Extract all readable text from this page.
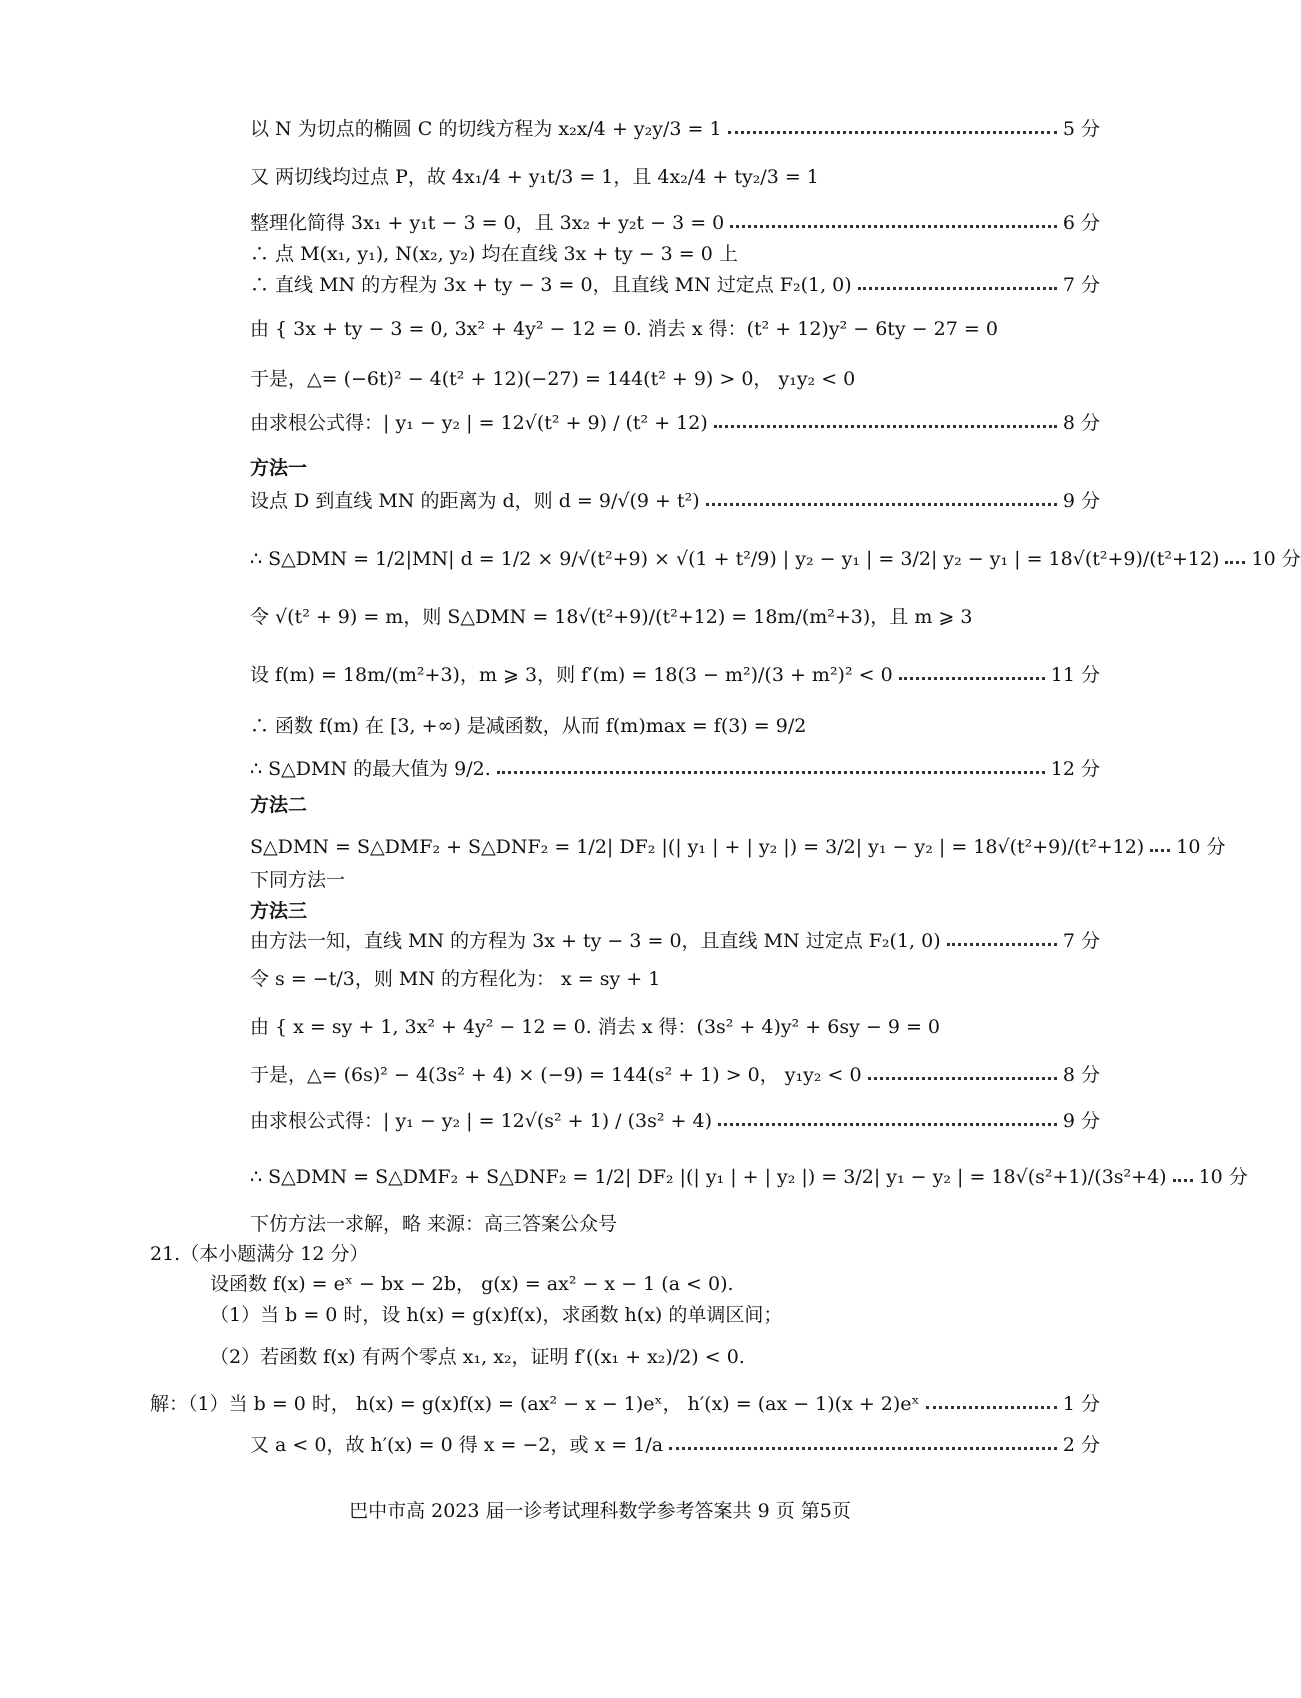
以 N 为切点的椭圆 C 的切线方程为 x₂x/4 + y₂y/3 = 1	5 分
又 两切线均过点 P，故 4x₁/4 + y₁t/3 = 1，且 4x₂/4 + ty₂/3 = 1
整理化简得 3x₁ + y₁t − 3 = 0，且 3x₂ + y₂t − 3 = 0	6 分
∴ 点 M(x₁, y₁), N(x₂, y₂) 均在直线 3x + ty − 3 = 0 上
∴ 直线 MN 的方程为 3x + ty − 3 = 0，且直线 MN 过定点 F₂(1, 0)	7 分
由 { 3x + ty − 3 = 0, 3x² + 4y² − 12 = 0. 消去 x 得：(t² + 12)y² − 6ty − 27 = 0
于是，△= (−6t)² − 4(t² + 12)(−27) = 144(t² + 9) > 0， y₁y₂ < 0
由求根公式得：| y₁ − y₂ | = 12√(t² + 9) / (t² + 12)	8 分
方法一
设点 D 到直线 MN 的距离为 d，则 d = 9/√(9 + t²)	9 分
∴ S△DMN = 1/2|MN| d = 1/2 × 9/√(t²+9) × √(1 + t²/9) | y₂ − y₁ | = 3/2| y₂ − y₁ | = 18√(t²+9)/(t²+12) 10 分
令 √(t² + 9) = m，则 S△DMN = 18√(t²+9)/(t²+12) = 18m/(m²+3)，且 m ⩾ 3
设 f(m) = 18m/(m²+3)，m ⩾ 3，则 f′(m) = 18(3 − m²)/(3 + m²)² < 0	11 分
∴ 函数 f(m) 在 [3, +∞) 是减函数，从而 f(m)max = f(3) = 9/2
∴ S△DMN 的最大值为 9/2.	12 分
方法二
S△DMN = S△DMF₂ + S△DNF₂ = 1/2| DF₂ |(| y₁ | + | y₂ |) = 3/2| y₁ − y₂ | = 18√(t²+9)/(t²+12) 10 分
下同方法一
方法三
由方法一知，直线 MN 的方程为 3x + ty − 3 = 0，且直线 MN 过定点 F₂(1, 0)	7 分
令 s = −t/3，则 MN 的方程化为： x = sy + 1
由 { x = sy + 1, 3x² + 4y² − 12 = 0. 消去 x 得：(3s² + 4)y² + 6sy − 9 = 0
于是，△= (6s)² − 4(3s² + 4) × (−9) = 144(s² + 1) > 0， y₁y₂ < 0	8 分
由求根公式得：| y₁ − y₂ | = 12√(s² + 1) / (3s² + 4)	9 分
∴ S△DMN = S△DMF₂ + S△DNF₂ = 1/2| DF₂ |(| y₁ | + | y₂ |) = 3/2| y₁ − y₂ | = 18√(s²+1)/(3s²+4) 10 分
下仿方法一求解，略 来源：高三答案公众号
21.（本小题满分 12 分）
设函数 f(x) = eˣ − bx − 2b， g(x) = ax² − x − 1 (a < 0).
（1）当 b = 0 时，设 h(x) = g(x)f(x)，求函数 h(x) 的单调区间；
（2）若函数 f(x) 有两个零点 x₁, x₂，证明 f′((x₁ + x₂)/2) < 0.
解：（1）当 b = 0 时， h(x) = g(x)f(x) = (ax² − x − 1)eˣ， h′(x) = (ax − 1)(x + 2)eˣ	1 分
又 a < 0，故 h′(x) = 0 得 x = −2，或 x = 1/a	2 分
巴中市高 2023 届一诊考试理科数学参考答案共 9 页 第5页
